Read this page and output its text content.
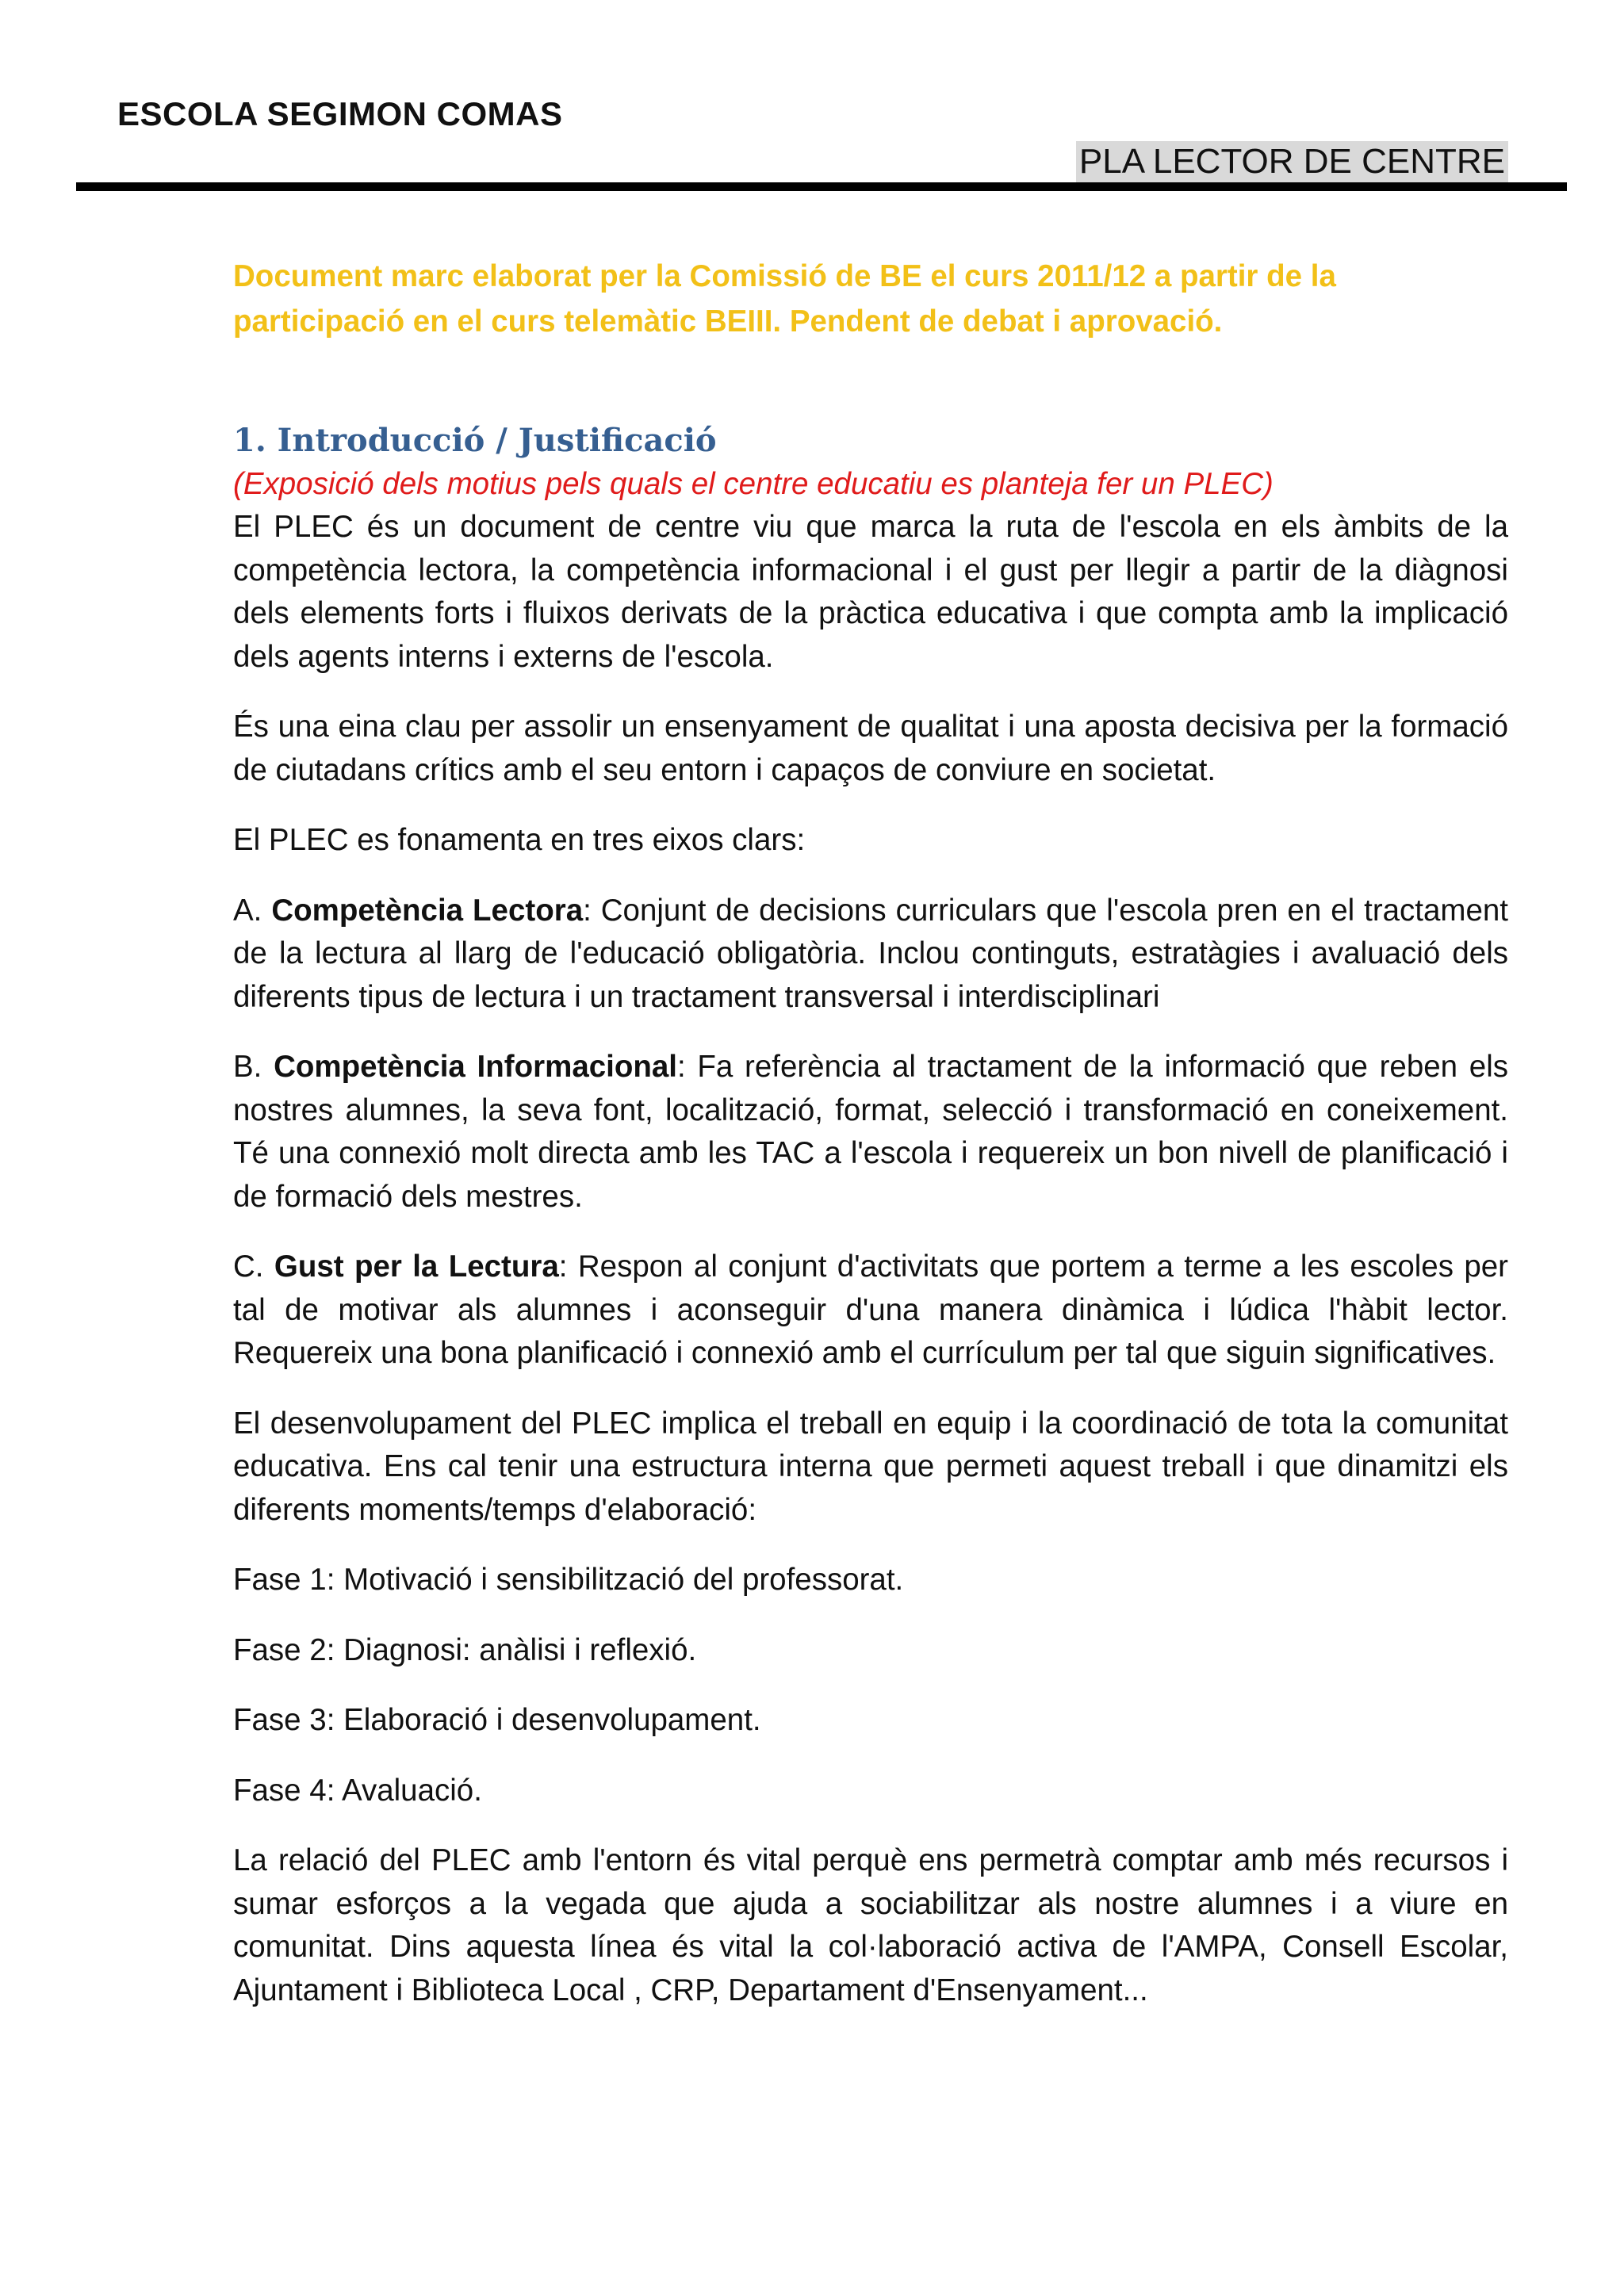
ESCOLA SEGIMON COMAS
PLA LECTOR DE CENTRE

Document marc elaborat per la Comissió de BE el curs 2011/12 a partir de la participació en el curs telemàtic BEIII. Pendent de debat i aprovació.

1. Introducció / Justificació

(Exposició dels motius pels quals el centre educatiu es planteja fer un PLEC)

El PLEC és un document de centre viu que marca la ruta de l'escola en els àmbits de la competència lectora, la competència informacional i el gust per llegir a partir de la diàgnosi dels elements forts i fluixos derivats de la pràctica educativa i que compta amb la implicació dels agents interns i externs de l'escola.

És una eina clau per assolir un ensenyament de qualitat i una aposta decisiva per la formació de ciutadans crítics amb el seu entorn i capaços de conviure en societat.

El PLEC es fonamenta en tres eixos clars:

A. Competència Lectora: Conjunt de decisions curriculars que l'escola pren en el tractament de la lectura al llarg de l'educació obligatòria. Inclou continguts, estratàgies i avaluació dels diferents tipus de lectura i un tractament transversal i interdisciplinari

B. Competència Informacional: Fa referència al tractament de la informació que reben els nostres alumnes, la seva font, localització, format, selecció i transformació en coneixement. Té una connexió molt directa amb les TAC a l'escola i requereix un bon nivell de planificació i de formació dels mestres.

C. Gust per la Lectura: Respon al conjunt d'activitats que portem a terme a les escoles per tal de motivar als alumnes i aconseguir d'una manera dinàmica i lúdica l'hàbit lector. Requereix una bona planificació i connexió amb el currículum per tal que siguin significatives.

El desenvolupament del PLEC implica el treball en equip i la coordinació de tota la comunitat educativa. Ens cal tenir una estructura interna que permeti aquest treball i que dinamitzi els diferents moments/temps d'elaboració:

Fase 1: Motivació i sensibilització del professorat.

Fase 2: Diagnosi: anàlisi i reflexió.

Fase 3: Elaboració i desenvolupament.

Fase 4: Avaluació.

La relació del PLEC amb l'entorn és vital perquè ens permetrà comptar amb més recursos i sumar esforços a la vegada que ajuda a sociabilitzar als nostre alumnes i a viure en comunitat. Dins aquesta línea és vital la col·laboració activa de l'AMPA, Consell Escolar, Ajuntament i Biblioteca Local , CRP, Departament d'Ensenyament...
